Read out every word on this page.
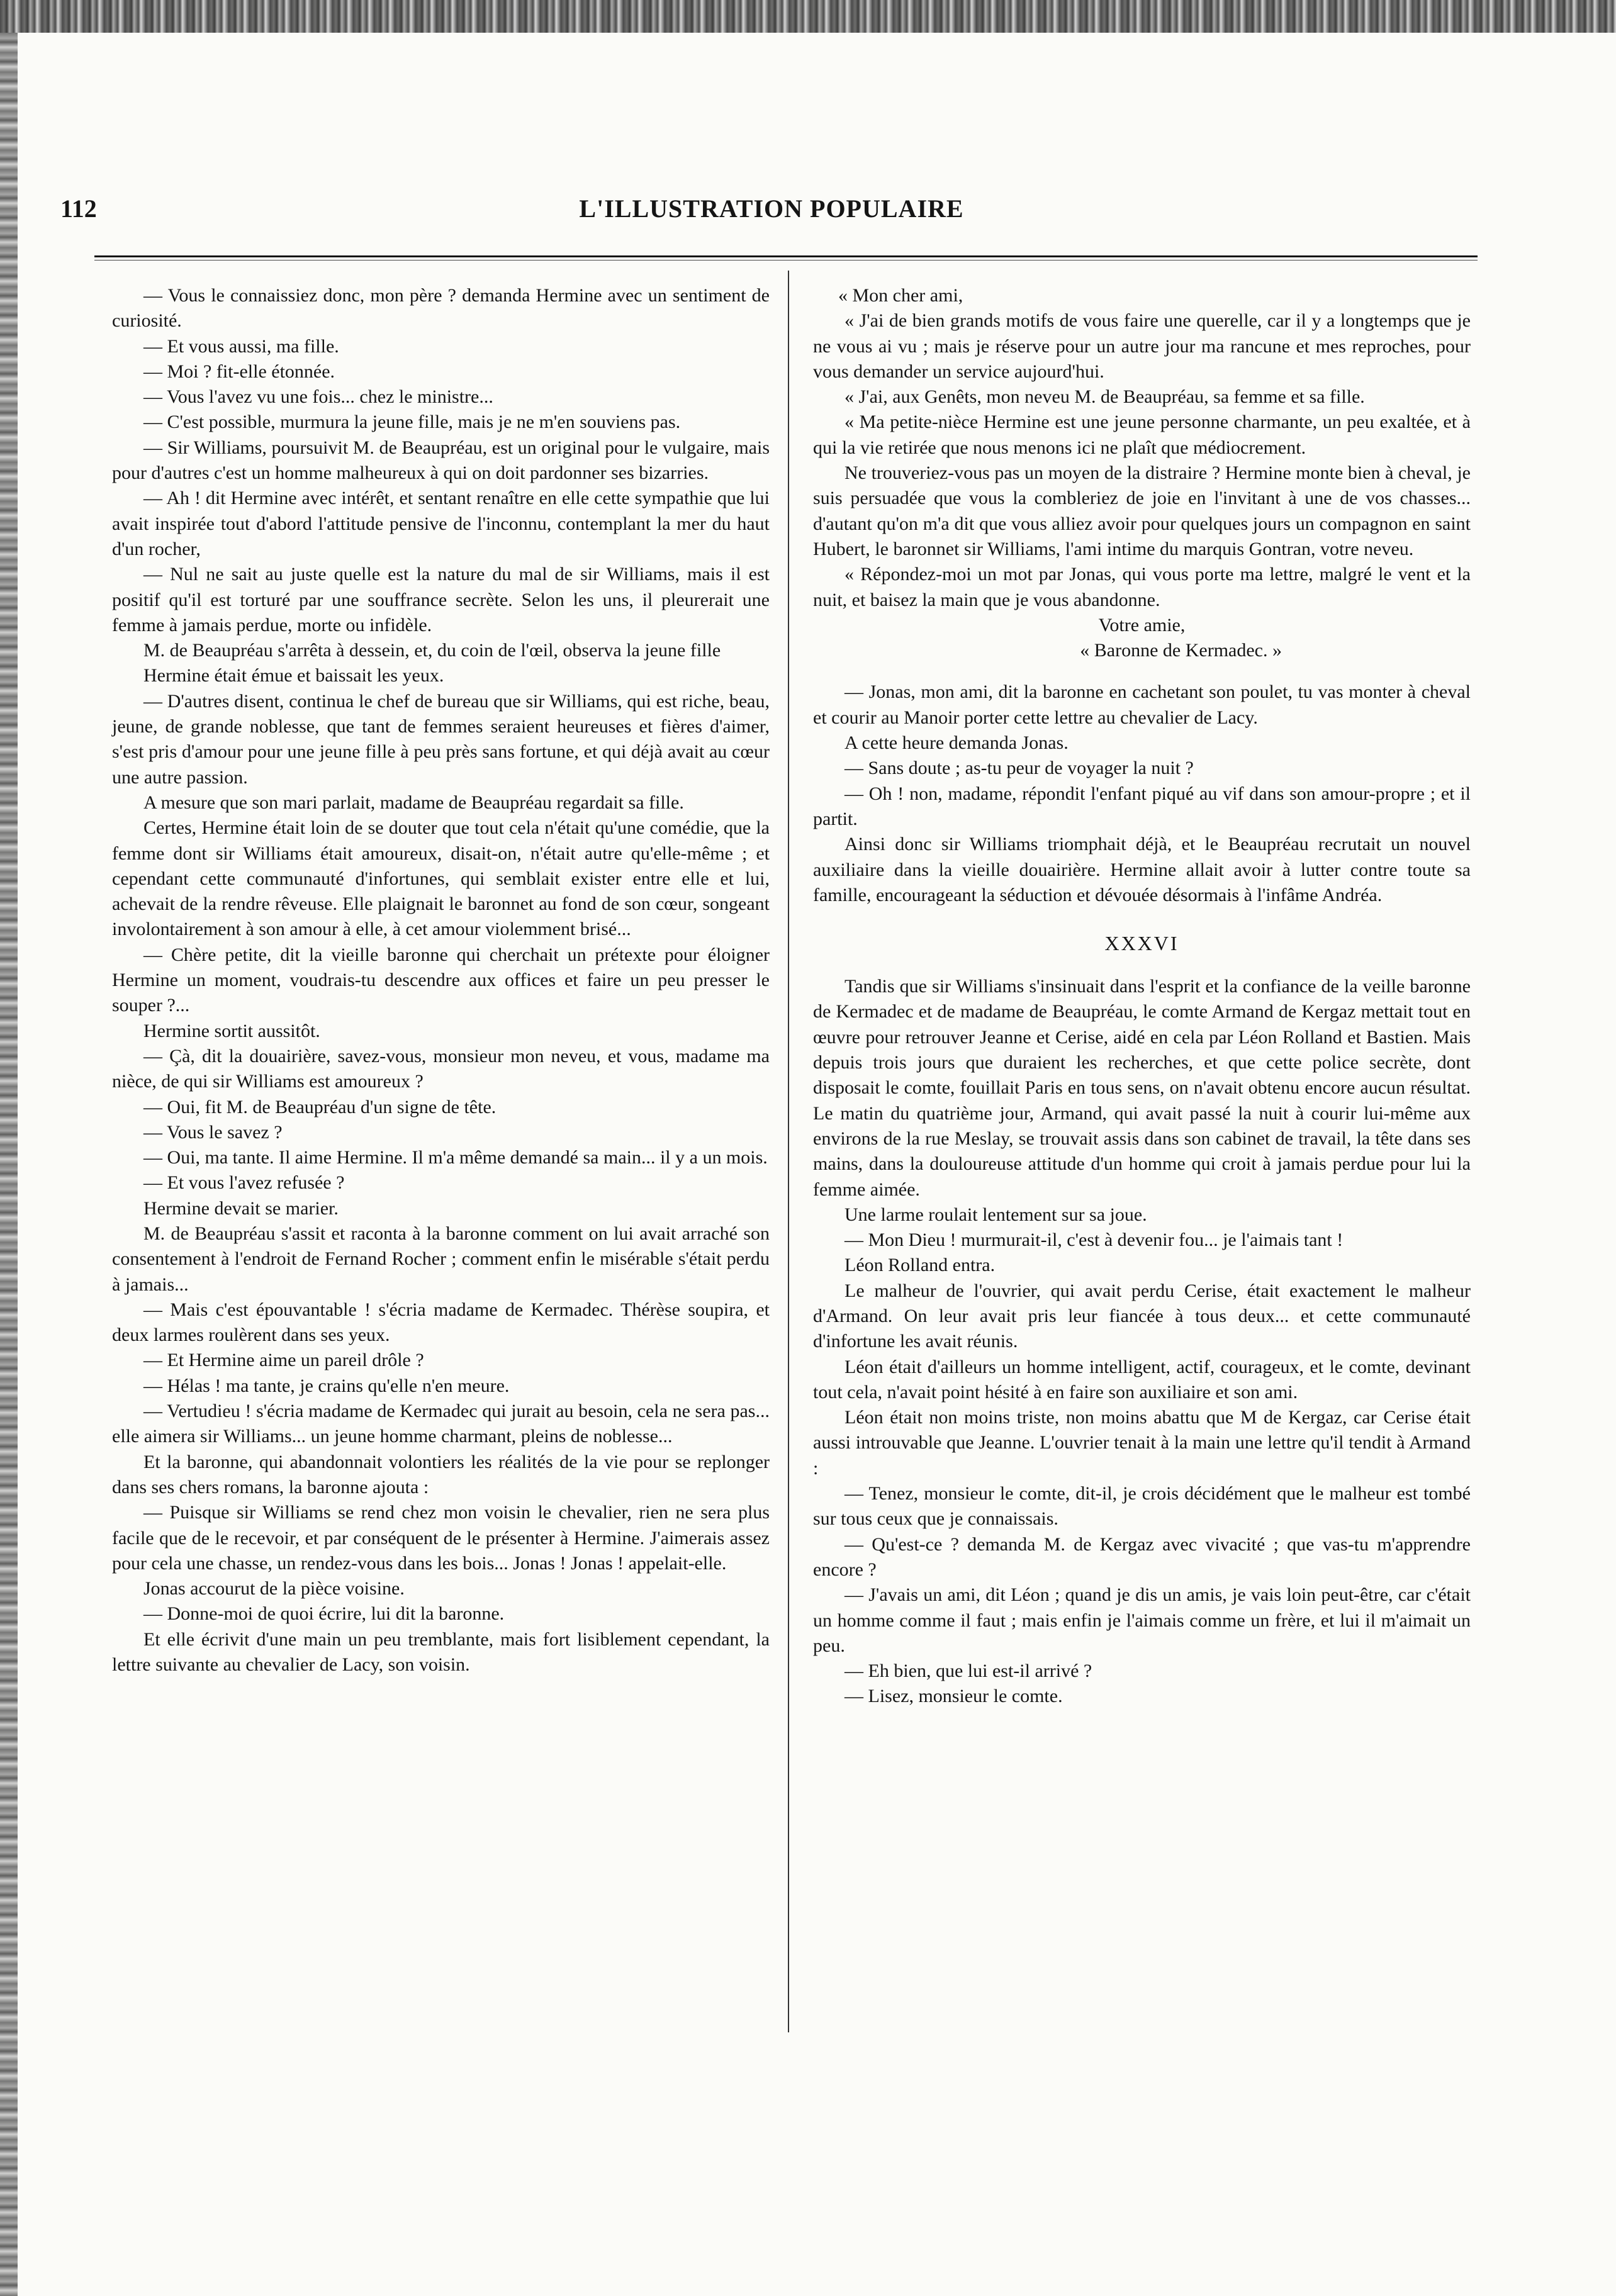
112	L'ILLUSTRATION POPULAIRE

— Vous le connaissiez donc, mon père ? demanda Hermine avec un sentiment de curiosité.

— Et vous aussi, ma fille.

— Moi ? fit-elle étonnée.

— Vous l'avez vu une fois... chez le ministre...

— C'est possible, murmura la jeune fille, mais je ne m'en souviens pas.

— Sir Williams, poursuivit M. de Beaupréau, est un original pour le vulgaire, mais pour d'autres c'est un homme malheureux à qui on doit pardonner ses bizarries.

— Ah ! dit Hermine avec intérêt, et sentant renaître en elle cette sympathie que lui avait inspirée tout d'abord l'attitude pensive de l'inconnu, contemplant la mer du haut d'un rocher,

— Nul ne sait au juste quelle est la nature du mal de sir Williams, mais il est positif qu'il est torturé par une souffrance secrète. Selon les uns, il pleurerait une femme à jamais perdue, morte ou infidèle.

M. de Beaupréau s'arrêta à dessein, et, du coin de l'œil, observa la jeune fille

Hermine était émue et baissait les yeux.

— D'autres disent, continua le chef de bureau que sir Williams, qui est riche, beau, jeune, de grande noblesse, que tant de femmes seraient heureuses et fières d'aimer, s'est pris d'amour pour une jeune fille à peu près sans fortune, et qui déjà avait au cœur une autre passion.

A mesure que son mari parlait, madame de Beaupréau regardait sa fille.

Certes, Hermine était loin de se douter que tout cela n'était qu'une comédie, que la femme dont sir Williams était amoureux, disait-on, n'était autre qu'elle-même ; et cependant cette communauté d'infortunes, qui semblait exister entre elle et lui, achevait de la rendre rêveuse. Elle plaignait le baronnet au fond de son cœur, songeant involontairement à son amour à elle, à cet amour violemment brisé...

— Chère petite, dit la vieille baronne qui cherchait un prétexte pour éloigner Hermine un moment, voudrais-tu descendre aux offices et faire un peu presser le souper ?...

Hermine sortit aussitôt.

— Çà, dit la douairière, savez-vous, monsieur mon neveu, et vous, madame ma nièce, de qui sir Williams est amoureux ?

— Oui, fit M. de Beaupréau d'un signe de tête.

— Vous le savez ?

— Oui, ma tante. Il aime Hermine. Il m'a même demandé sa main... il y a un mois.

— Et vous l'avez refusée ?

Hermine devait se marier.

M. de Beaupréau s'assit et raconta à la baronne comment on lui avait arraché son consentement à l'endroit de Fernand Rocher ; comment enfin le misérable s'était perdu à jamais...

— Mais c'est épouvantable ! s'écria madame de Kermadec. Thérèse soupira, et deux larmes roulèrent dans ses yeux.

— Et Hermine aime un pareil drôle ?

— Hélas ! ma tante, je crains qu'elle n'en meure.

— Vertudieu ! s'écria madame de Kermadec qui jurait au besoin, cela ne sera pas... elle aimera sir Williams... un jeune homme charmant, pleins de noblesse...

Et la baronne, qui abandonnait volontiers les réalités de la vie pour se replonger dans ses chers romans, la baronne ajouta :

— Puisque sir Williams se rend chez mon voisin le chevalier, rien ne sera plus facile que de le recevoir, et par conséquent de le présenter à Hermine. J'aimerais assez pour cela une chasse, un rendez-vous dans les bois... Jonas ! Jonas ! appelait-elle.

Jonas accourut de la pièce voisine.

— Donne-moi de quoi écrire, lui dit la baronne.

Et elle écrivit d'une main un peu tremblante, mais fort lisiblement cependant, la lettre suivante au chevalier de Lacy, son voisin.

« Mon cher ami,

« J'ai de bien grands motifs de vous faire une querelle, car il y a longtemps que je ne vous ai vu ; mais je réserve pour un autre jour ma rancune et mes reproches, pour vous demander un service aujourd'hui.

« J'ai, aux Genêts, mon neveu M. de Beaupréau, sa femme et sa fille.

« Ma petite-nièce Hermine est une jeune personne charmante, un peu exaltée, et à qui la vie retirée que nous menons ici ne plaît que médiocrement.

Ne trouveriez-vous pas un moyen de la distraire ? Hermine monte bien à cheval, je suis persuadée que vous la combleriez de joie en l'invitant à une de vos chasses... d'autant qu'on m'a dit que vous alliez avoir pour quelques jours un compagnon en saint Hubert, le baronnet sir Williams, l'ami intime du marquis Gontran, votre neveu.

« Répondez-moi un mot par Jonas, qui vous porte ma lettre, malgré le vent et la nuit, et baisez la main que je vous abandonne.

Votre amie,

« Baronne de Kermadec. »

— Jonas, mon ami, dit la baronne en cachetant son poulet, tu vas monter à cheval et courir au Manoir porter cette lettre au chevalier de Lacy.

A cette heure demanda Jonas.

— Sans doute ; as-tu peur de voyager la nuit ?

— Oh ! non, madame, répondit l'enfant piqué au vif dans son amour-propre ; et il partit.

Ainsi donc sir Williams triomphait déjà, et le Beaupréau recrutait un nouvel auxiliaire dans la vieille douairière. Hermine allait avoir à lutter contre toute sa famille, encourageant la séduction et dévouée désormais à l'infâme Andréa.

XXXVI

Tandis que sir Williams s'insinuait dans l'esprit et la confiance de la veille baronne de Kermadec et de madame de Beaupréau, le comte Armand de Kergaz mettait tout en œuvre pour retrouver Jeanne et Cerise, aidé en cela par Léon Rolland et Bastien. Mais depuis trois jours que duraient les recherches, et que cette police secrète, dont disposait le comte, fouillait Paris en tous sens, on n'avait obtenu encore aucun résultat. Le matin du quatrième jour, Armand, qui avait passé la nuit à courir lui-même aux environs de la rue Meslay, se trouvait assis dans son cabinet de travail, la tête dans ses mains, dans la douloureuse attitude d'un homme qui croit à jamais perdue pour lui la femme aimée.

Une larme roulait lentement sur sa joue.

— Mon Dieu ! murmurait-il, c'est à devenir fou... je l'aimais tant !

Léon Rolland entra.

Le malheur de l'ouvrier, qui avait perdu Cerise, était exactement le malheur d'Armand. On leur avait pris leur fiancée à tous deux... et cette communauté d'infortune les avait réunis.

Léon était d'ailleurs un homme intelligent, actif, courageux, et le comte, devinant tout cela, n'avait point hésité à en faire son auxiliaire et son ami.

Léon était non moins triste, non moins abattu que M de Kergaz, car Cerise était aussi introuvable que Jeanne. L'ouvrier tenait à la main une lettre qu'il tendit à Armand :

— Tenez, monsieur le comte, dit-il, je crois décidément que le malheur est tombé sur tous ceux que je connaissais.

— Qu'est-ce ? demanda M. de Kergaz avec vivacité ; que vas-tu m'apprendre encore ?

— J'avais un ami, dit Léon ; quand je dis un amis, je vais loin peut-être, car c'était un homme comme il faut ; mais enfin je l'aimais comme un frère, et lui il m'aimait un peu.

— Eh bien, que lui est-il arrivé ?

— Lisez, monsieur le comte.
